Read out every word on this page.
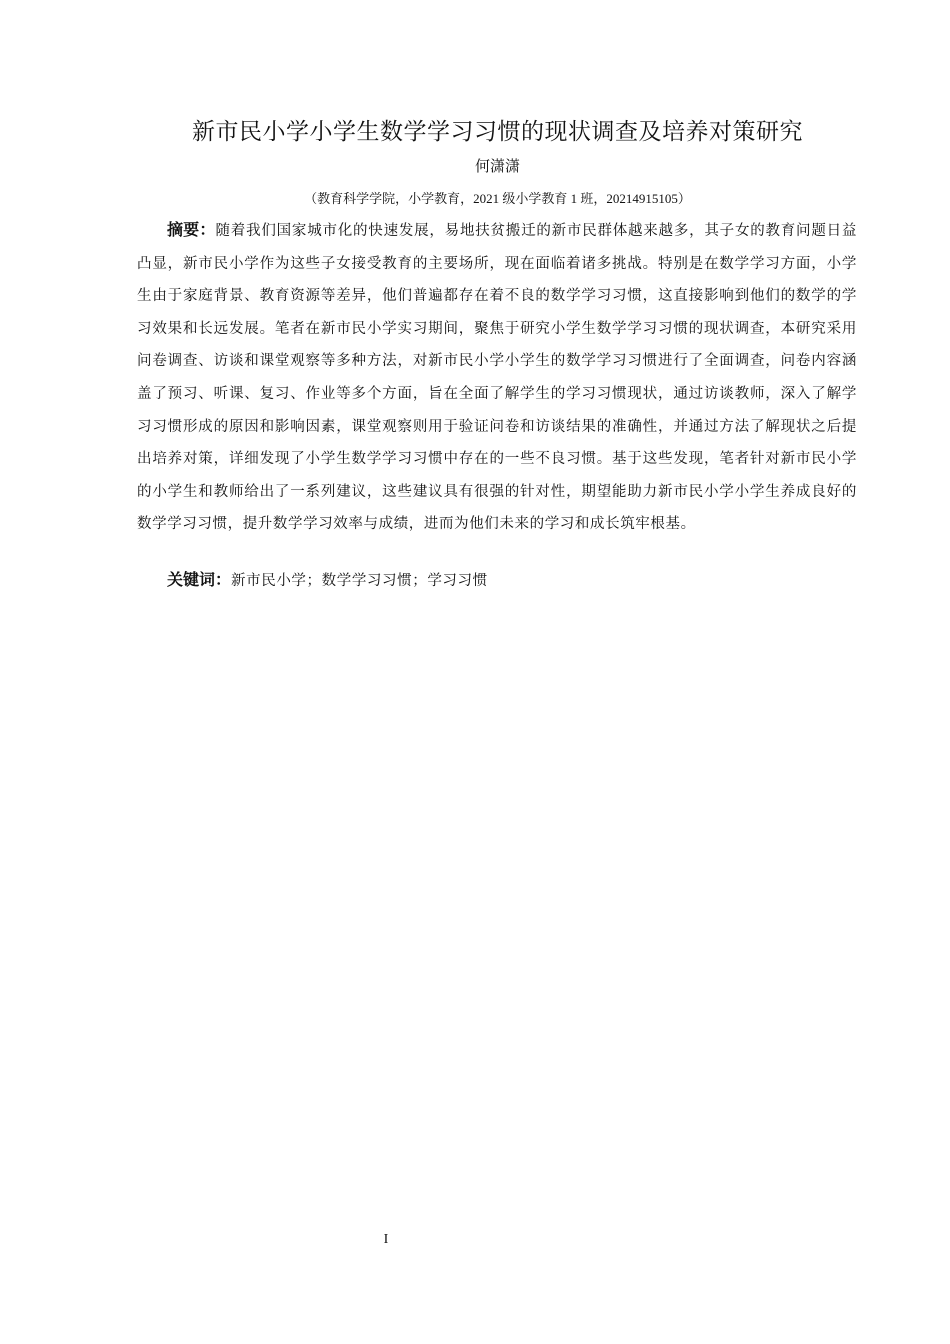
新市民小学小学生数学学习习惯的现状调查及培养对策研究
何潇潇
（教育科学学院，小学教育，2021 级小学教育 1 班，20214915105）

摘要：随着我们国家城市化的快速发展，易地扶贫搬迁的新市民群体越来越多，其子女的教育问题日益凸显，新市民小学作为这些子女接受教育的主要场所，现在面临着诸多挑战。特别是在数学学习方面，小学生由于家庭背景、教育资源等差异，他们普遍都存在着不良的数学学习习惯，这直接影响到他们的数学的学习效果和长远发展。笔者在新市民小学实习期间，聚焦于研究小学生数学学习习惯的现状调查，本研究采用问卷调查、访谈和课堂观察等多种方法，对新市民小学小学生的数学学习习惯进行了全面调查，问卷内容涵盖了预习、听课、复习、作业等多个方面，旨在全面了解学生的学习习惯现状，通过访谈教师，深入了解学习习惯形成的原因和影响因素，课堂观察则用于验证问卷和访谈结果的准确性，并通过方法了解现状之后提出培养对策，详细发现了小学生数学学习习惯中存在的一些不良习惯。基于这些发现，笔者针对新市民小学的小学生和教师给出了一系列建议，这些建议具有很强的针对性，期望能助力新市民小学小学生养成良好的数学学习习惯，提升数学学习效率与成绩，进而为他们未来的学习和成长筑牢根基。

关键词：新市民小学；数学学习习惯；学习习惯

I
